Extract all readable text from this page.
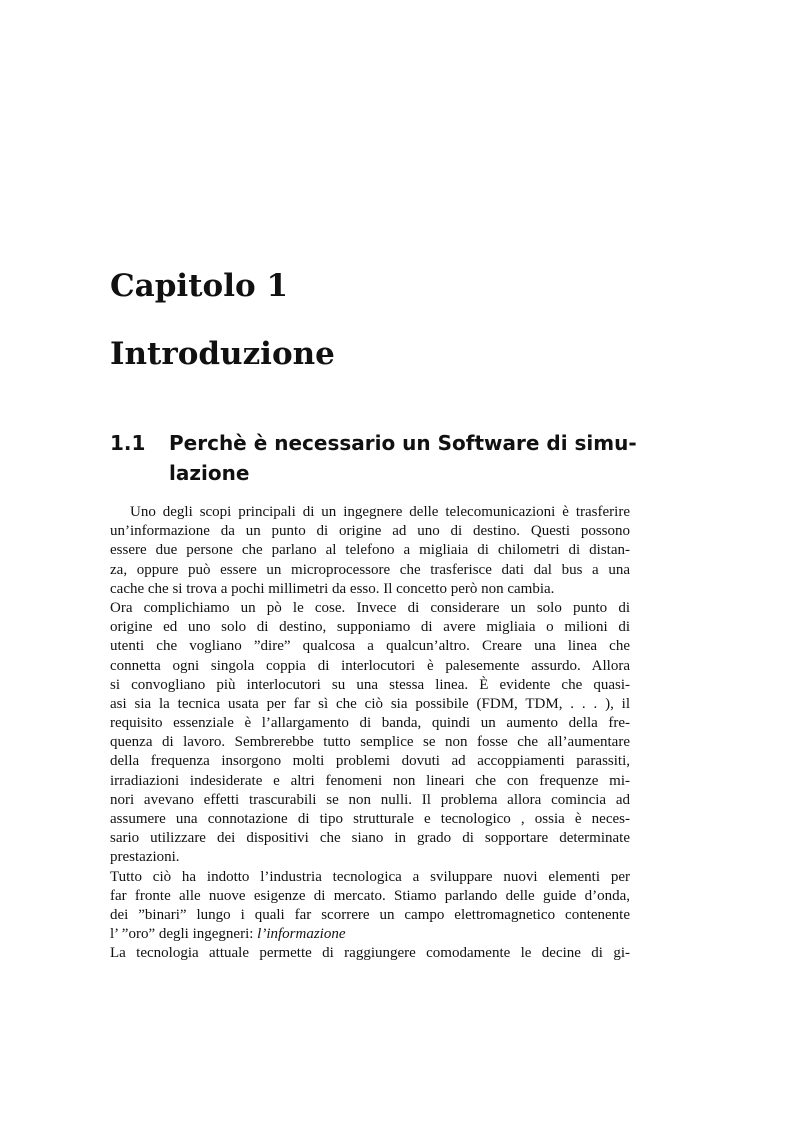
Capitolo 1
Introduzione
1.1 Perchè è necessario un Software di simu-
lazione
Uno degli scopi principali di un ingegnere delle telecomunicazioni è trasferire
un’informazione da un punto di origine ad uno di destino. Questi possono
essere due persone che parlano al telefono a migliaia di chilometri di distan-
za, oppure può essere un microprocessore che trasferisce dati dal bus a una
cache che si trova a pochi millimetri da esso. Il concetto però non cambia.
Ora complichiamo un pò le cose. Invece di considerare un solo punto di
origine ed uno solo di destino, supponiamo di avere migliaia o milioni di
utenti che vogliano ”dire” qualcosa a qualcun’altro. Creare una linea che
connetta ogni singola coppia di interlocutori è palesemente assurdo. Allora
si convogliano più interlocutori su una stessa linea. È evidente che quasi-
asi sia la tecnica usata per far sì che ciò sia possibile (FDM, TDM, . . . ), il
requisito essenziale è l’allargamento di banda, quindi un aumento della fre-
quenza di lavoro. Sembrerebbe tutto semplice se non fosse che all’aumentare
della frequenza insorgono molti problemi dovuti ad accoppiamenti parassiti,
irradiazioni indesiderate e altri fenomeni non lineari che con frequenze mi-
nori avevano effetti trascurabili se non nulli. Il problema allora comincia ad
assumere una connotazione di tipo strutturale e tecnologico , ossia è neces-
sario utilizzare dei dispositivi che siano in grado di sopportare determinate
prestazioni.
Tutto ciò ha indotto l’industria tecnologica a sviluppare nuovi elementi per
far fronte alle nuove esigenze di mercato. Stiamo parlando delle guide d’onda,
dei ”binari” lungo i quali far scorrere un campo elettromagnetico contenente
l’ ”oro” degli ingegneri: l’informazione
La tecnologia attuale permette di raggiungere comodamente le decine di gi-
